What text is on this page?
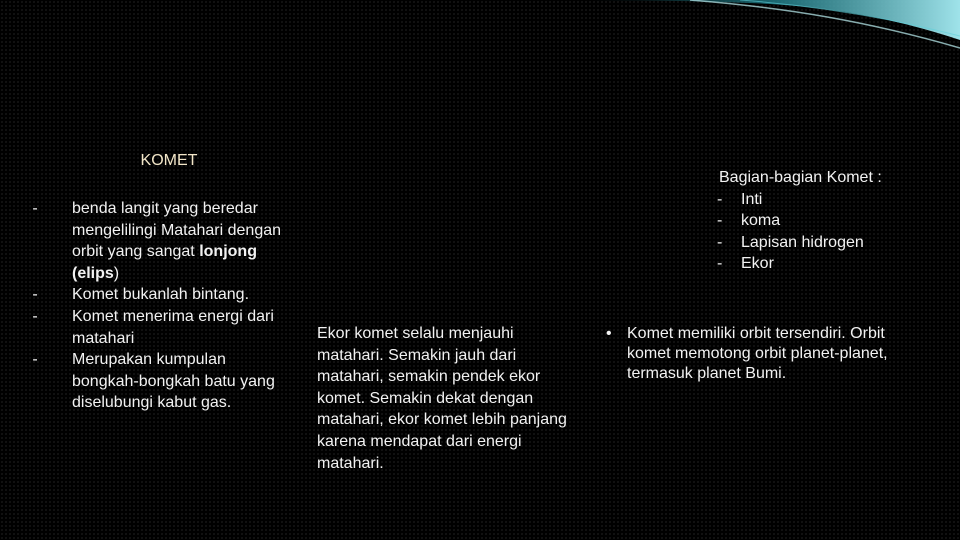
KOMET
- benda langit yang beredar mengelilingi Matahari dengan orbit yang sangat lonjong (elips)
- Komet bukanlah bintang.
- Komet menerima energi dari matahari
- Merupakan kumpulan bongkah-bongkah batu yang diselubungi kabut gas.
Ekor komet selalu menjauhi matahari. Semakin jauh dari matahari, semakin pendek ekor komet. Semakin dekat dengan matahari, ekor komet lebih panjang karena mendapat dari energi matahari.
Bagian-bagian Komet :
- Inti
- koma
- Lapisan hidrogen
- Ekor
• Komet memiliki orbit tersendiri. Orbit komet memotong orbit planet-planet, termasuk planet Bumi.
